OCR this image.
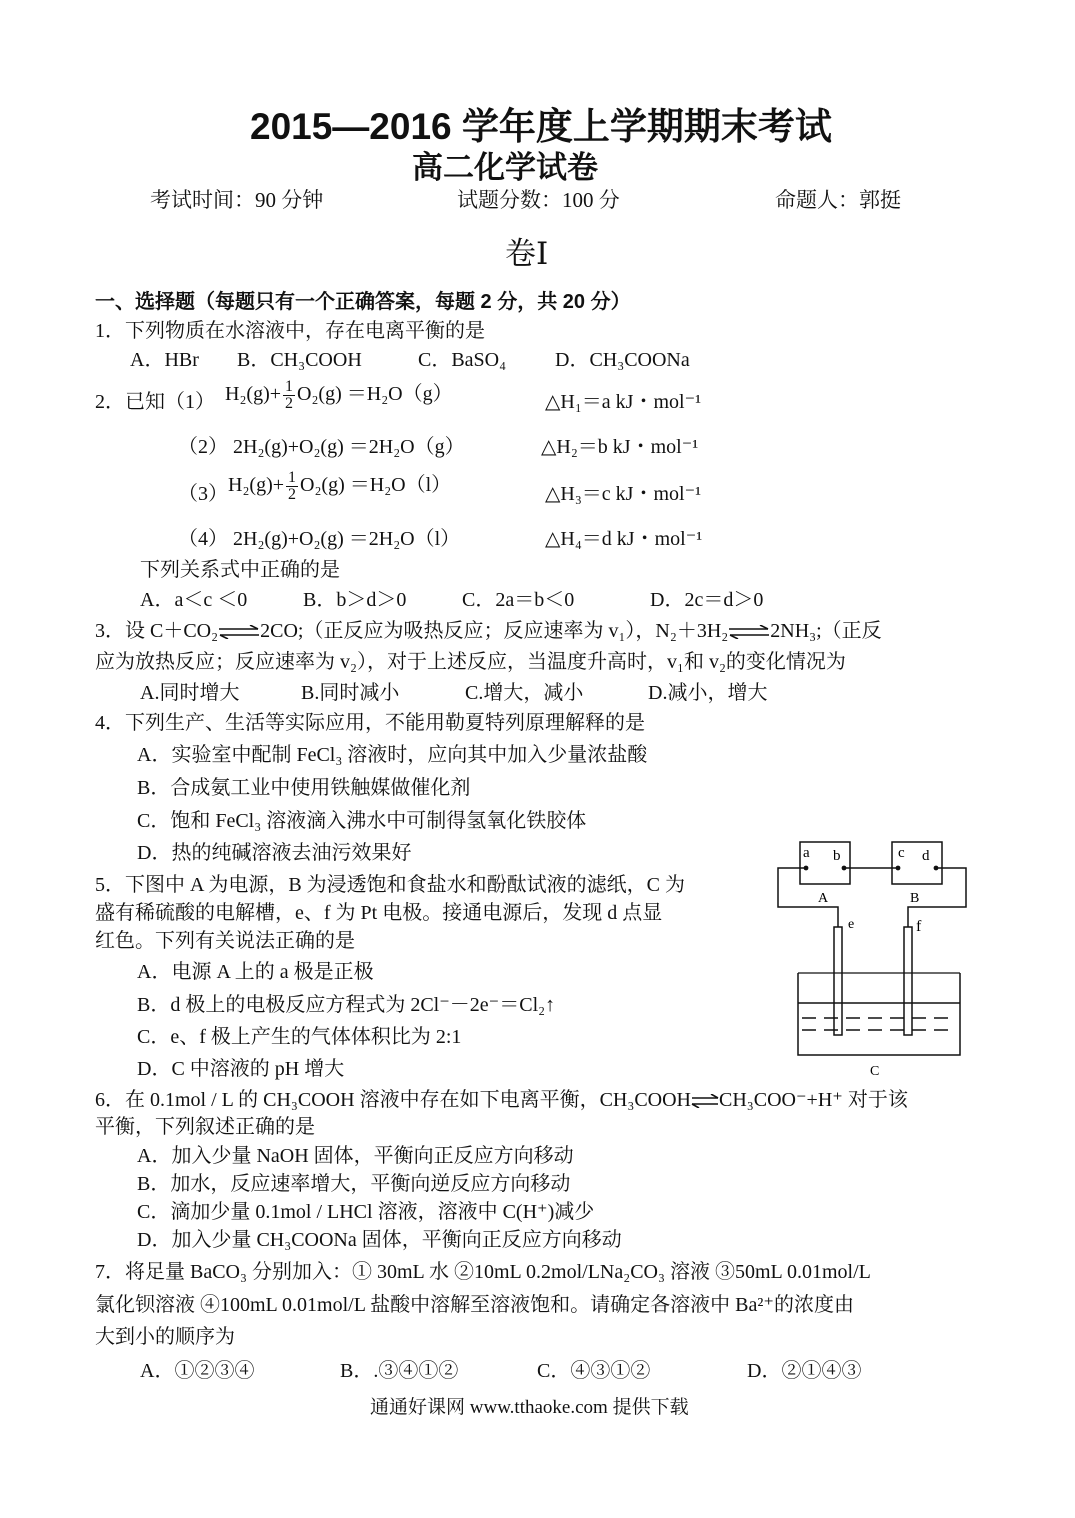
2015—2016 学年度上学期期末考试
高二化学试卷
考试时间：90 分钟	试题分数：100 分	命题人：郭挺
卷Ⅰ
一、选择题（每题只有一个正确答案，每题 2 分，共 20 分）
1．下列物质在水溶液中，存在电离平衡的是
A．HBr B．CH₃COOH	C．BaSO₄ D．CH₃COONa
2．已知（1） $H_2(g)+ \frac{1}{2} O_2(g) =H_2O(g)$	△H₁＝a kJ・mol⁻¹
（2） 2H₂(g)+O₂(g) ＝2H₂O（g）	△H₂＝b kJ・mol⁻¹
（3） $H_2(g)+ \frac{1}{2} O_2(g) =H_2O(l)$	△H₃＝c kJ・mol⁻¹
（4） 2H₂(g)+O₂(g) ＝2H₂O（l）	△H₄＝d kJ・mol⁻¹
下列关系式中正确的是
A．a＜c ＜0	B．b＞d＞0	C．2a＝b＜0	D．2c＝d＞0
3．设 C＋CO₂⇌2CO;（正反应为吸热反应；反应速率为 v₁），N₂＋3H₂⇌2NH₃;（正反
应为放热反应；反应速率为 v₂），对于上述反应，当温度升高时，v₁和 v₂的变化情况为
A.同时增大	B.同时减小	C.增大，减小	D.减小，增大
4．下列生产、生活等实际应用，不能用勒夏特列原理解释的是
A．实验室中配制 FeCl₃ 溶液时，应向其中加入少量浓盐酸
B．合成氨工业中使用铁触媒做催化剂
C．饱和 FeCl₃ 溶液滴入沸水中可制得氢氧化铁胶体
D．热的纯碱溶液去油污效果好
5．下图中 A 为电源，B 为浸透饱和食盐水和酚酞试液的滤纸，C 为
盛有稀硫酸的电解槽，e、f 为 Pt 电极。接通电源后，发现 d 点显
红色。下列有关说法正确的是
A．电源 A 上的 a 极是正极
B．d 极上的电极反应方程式为 2Cl⁻－2e⁻＝Cl₂↑
C．e、f 极上产生的气体体积比为 2:1
D．C 中溶液的 pH 增大
a b	c d
A	B
e	f
C
6．在 0.1mol / L 的 CH₃COOH 溶液中存在如下电离平衡，CH₃COOH⇌CH₃COO⁻+H⁺ 对于该
平衡，下列叙述正确的是
A．加入少量 NaOH 固体，平衡向正反应方向移动
B．加水，反应速率增大，平衡向逆反应方向移动
C．滴加少量 0.1mol / LHCl 溶液，溶液中 C(H⁺)减少
D．加入少量 CH₃COONa 固体，平衡向正反应方向移动
7．将足量 BaCO₃ 分别加入：① 30mL 水 ②10mL 0.2mol/LNa₂CO₃ 溶液 ③50mL 0.01mol/L
氯化钡溶液 ④100mL 0.01mol/L 盐酸中溶解至溶液饱和。请确定各溶液中 Ba²⁺的浓度由
大到小的顺序为
A．①②③④	B．.③④①②	C．④③①②	D．②①④③
通通好课网 www.tthaoke.com 提供下载
